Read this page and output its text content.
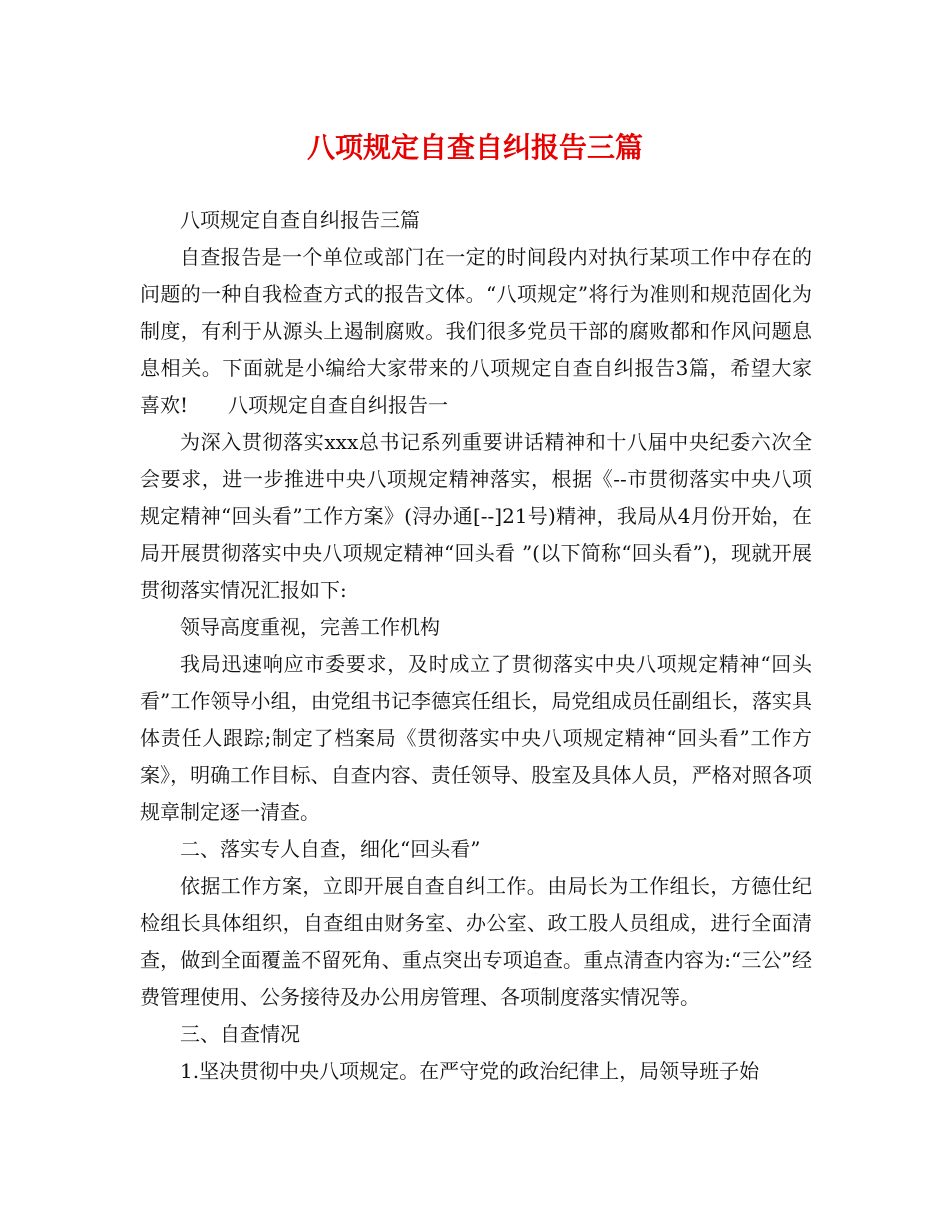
八项规定自查自纠报告三篇

八项规定自查自纠报告三篇

自查报告是一个单位或部门在一定的时间段内对执行某项工作中存在的问题的一种自我检查方式的报告文体。“八项规定”将行为准则和规范固化为制度，有利于从源头上遏制腐败。我们很多党员干部的腐败都和作风问题息息相关。下面就是小编给大家带来的八项规定自查自纠报告3篇，希望大家喜欢!　　八项规定自查自纠报告一

为深入贯彻落实xxx总书记系列重要讲话精神和十八届中央纪委六次全会要求，进一步推进中央八项规定精神落实，根据《--市贯彻落实中央八项规定精神“回头看”工作方案》(浔办通[--]21号)精神，我局从4月份开始，在局开展贯彻落实中央八项规定精神“回头看 ”(以下简称“回头看”)，现就开展贯彻落实情况汇报如下:

领导高度重视，完善工作机构

我局迅速响应市委要求，及时成立了贯彻落实中央八项规定精神“回头看”工作领导小组，由党组书记李德宾任组长，局党组成员任副组长，落实具体责任人跟踪;制定了档案局《贯彻落实中央八项规定精神“回头看”工作方案》，明确工作目标、自查内容、责任领导、股室及具体人员，严格对照各项规章制定逐一清查。

二、落实专人自查，细化“回头看”

依据工作方案，立即开展自查自纠工作。由局长为工作组长，方德仕纪检组长具体组织，自查组由财务室、办公室、政工股人员组成，进行全面清查，做到全面覆盖不留死角、重点突出专项追查。重点清查内容为:“三公”经费管理使用、公务接待及办公用房管理、各项制度落实情况等。

三、自查情况

1.坚决贯彻中央八项规定。在严守党的政治纪律上，局领导班子始
